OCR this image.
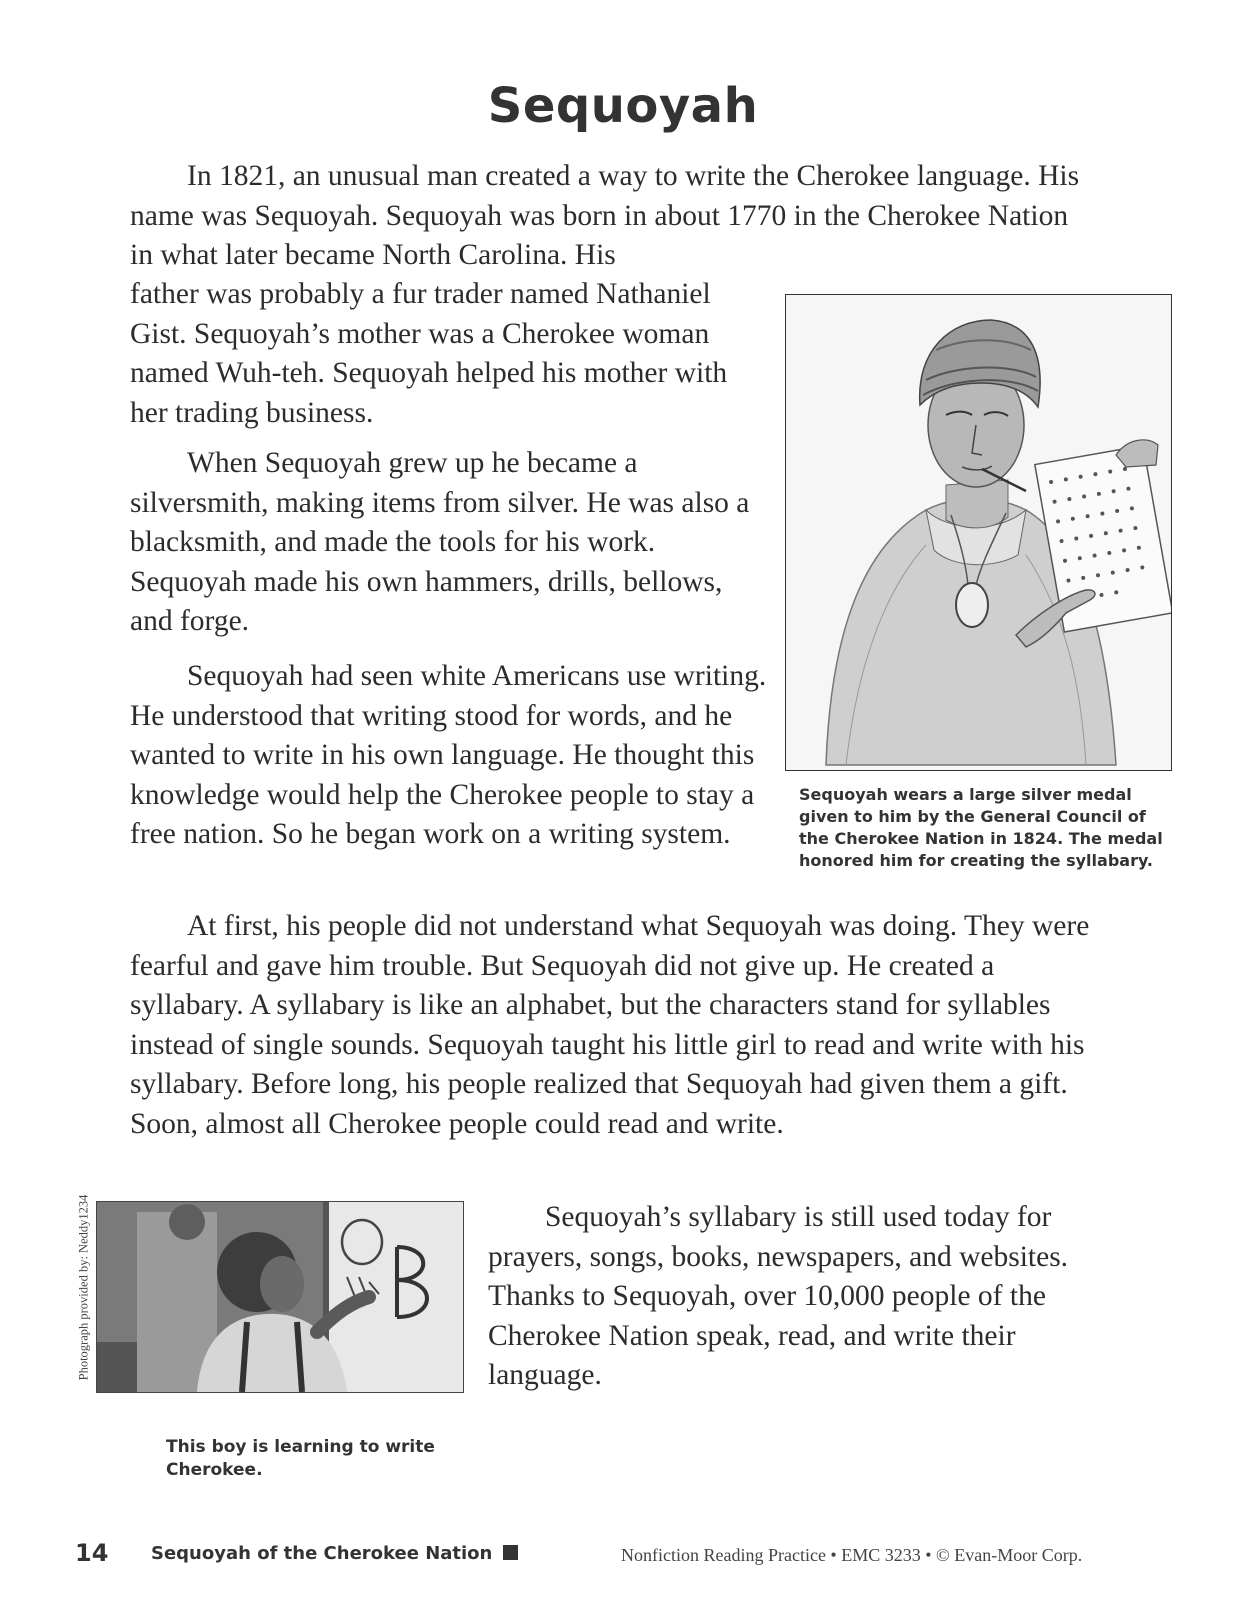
Sequoyah

In 1821, an unusual man created a way to write the Cherokee language. His name was Sequoyah. Sequoyah was born in about 1770 in the Cherokee Nation in what later became North Carolina. His

father was probably a fur trader named Nathaniel Gist. Sequoyah’s mother was a Cherokee woman named Wuh-teh. Sequoyah helped his mother with her trading business.

When Sequoyah grew up he became a silversmith, making items from silver. He was also a blacksmith, and made the tools for his work. Sequoyah made his own hammers, drills, bellows, and forge.

Sequoyah had seen white Americans use writing. He understood that writing stood for words, and he wanted to write in his own language. He thought this knowledge would help the Cherokee people to stay a free nation. So he began work on a writing system.

At first, his people did not understand what Sequoyah was doing. They were fearful and gave him trouble. But Sequoyah did not give up. He created a syllabary. A syllabary is like an alphabet, but the characters stand for syllables instead of single sounds. Sequoyah taught his little girl to read and write with his syllabary. Before long, his people realized that Sequoyah had given them a gift. Soon, almost all Cherokee people could read and write.

Sequoyah’s syllabary is still used today for prayers, songs, books, newspapers, and websites. Thanks to Sequoyah, over 10,000 people of the Cherokee Nation speak, read, and write their language.

Sequoyah wears a large silver medal given to him by the General Council of the Cherokee Nation in 1824. The medal honored him for creating the syllabary.
Photograph provided by: Neddy1234
This boy is learning to write Cherokee.
14 Sequoyah of the Cherokee Nation	Nonfiction Reading Practice • EMC 3233 • © Evan-Moor Corp.
